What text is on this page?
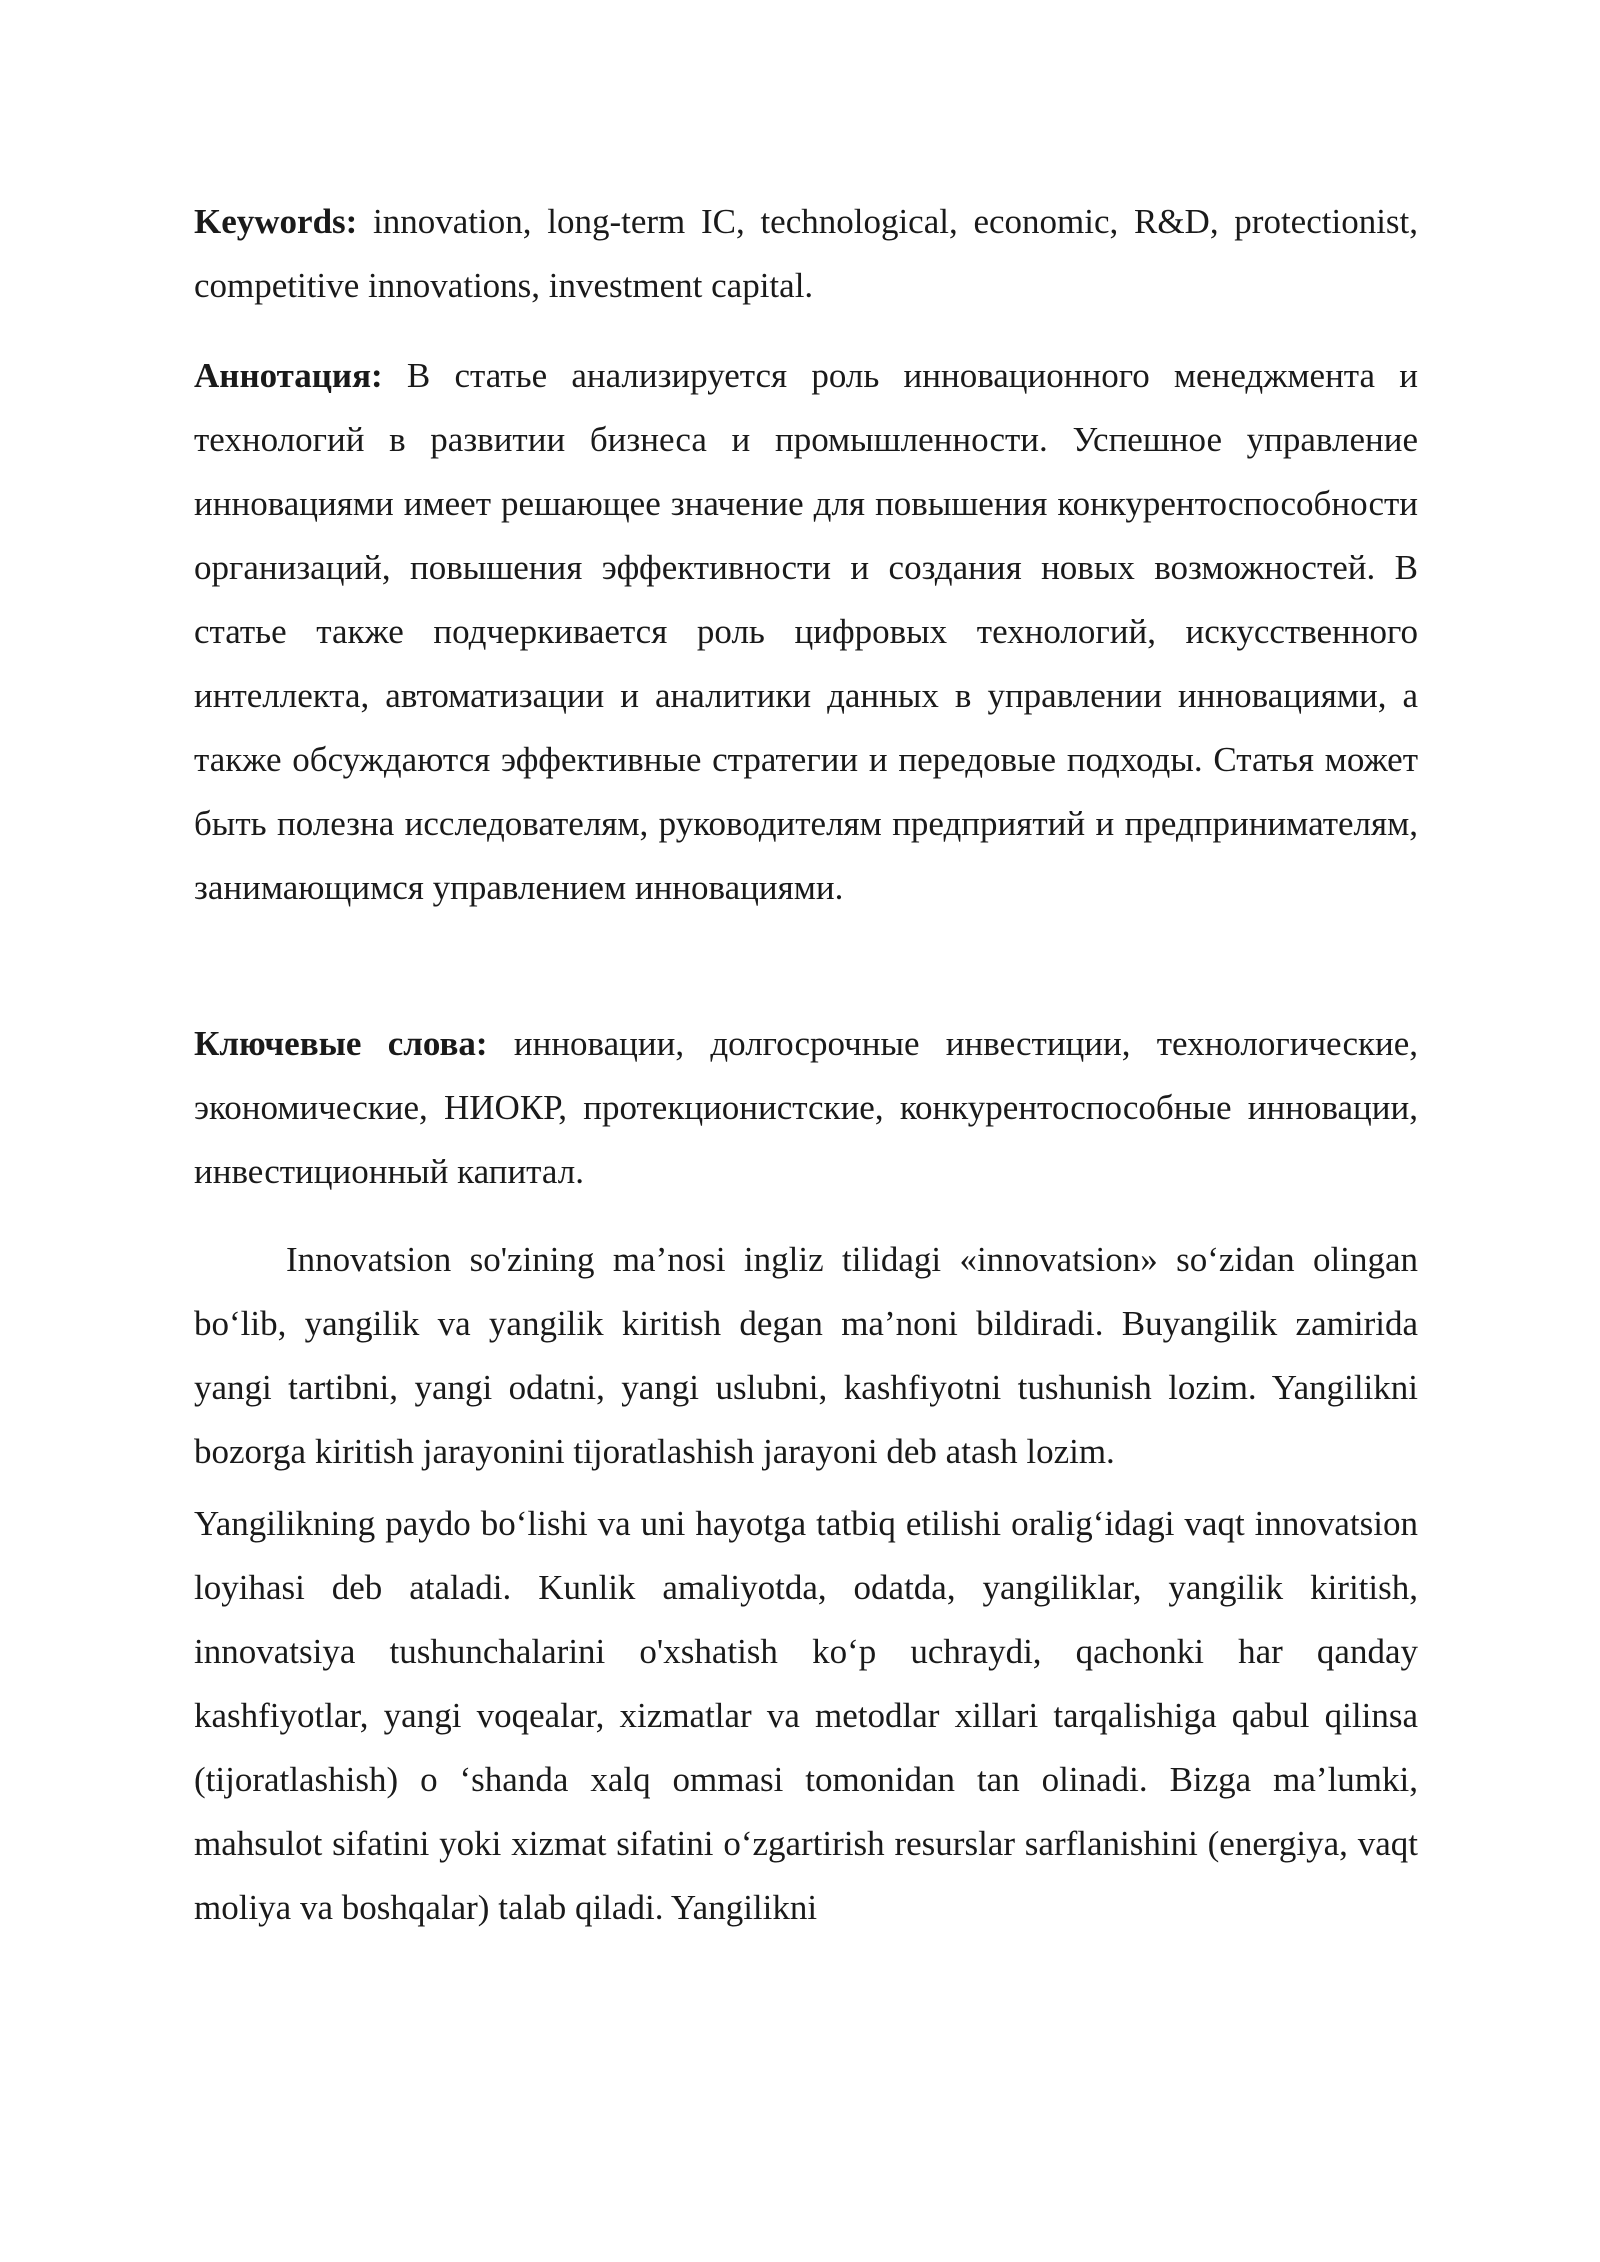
Keywords: innovation, long-term IC, technological, economic, R&D, protectionist, competitive innovations, investment capital.

Аннотация: В статье анализируется роль инновационного менеджмента и технологий в развитии бизнеса и промышленности. Успешное управление инновациями имеет решающее значение для повышения конкурентоспособности организаций, повышения эффективности и создания новых возможностей. В статье также подчеркивается роль цифровых технологий, искусственного интеллекта, автоматизации и аналитики данных в управлении инновациями, а также обсуждаются эффективные стратегии и передовые подходы. Статья может быть полезна исследователям, руководителям предприятий и предпринимателям, занимающимся управлением инновациями.

Ключевые слова: инновации, долгосрочные инвестиции, технологические, экономические, НИОКР, протекционистские, конкурентоспособные инновации, инвестиционный капитал.

Innovatsion so'zining ma’nosi ingliz tilidagi «innovatsion» so‘zidan olingan bo‘lib, yangilik va yangilik kiritish degan ma’noni bildiradi. Buyangilik zamirida yangi tartibni, yangi odatni, yangi uslubni, kashfiyotni tushunish lozim. Yangilikni bozorga kiritish jarayonini tijoratlashish jarayoni deb atash lozim.

Yangilikning paydo bo‘lishi va uni hayotga tatbiq etilishi oralig‘idagi vaqt innovatsion loyihasi deb ataladi. Kunlik amaliyotda, odatda, yangiliklar, yangilik kiritish, innovatsiya tushunchalarini o'xshatish ko‘p uchraydi, qachonki har qanday kashfiyotlar, yangi voqealar, xizmatlar va metodlar xillari tarqalishiga qabul qilinsa (tijoratlashish) o ‘shanda xalq ommasi tomonidan tan olinadi. Bizga ma’lumki, mahsulot sifatini yoki xizmat sifatini o‘zgartirish resurslar sarflanishini (energiya, vaqt moliya va boshqalar) talab qiladi. Yangilikni
